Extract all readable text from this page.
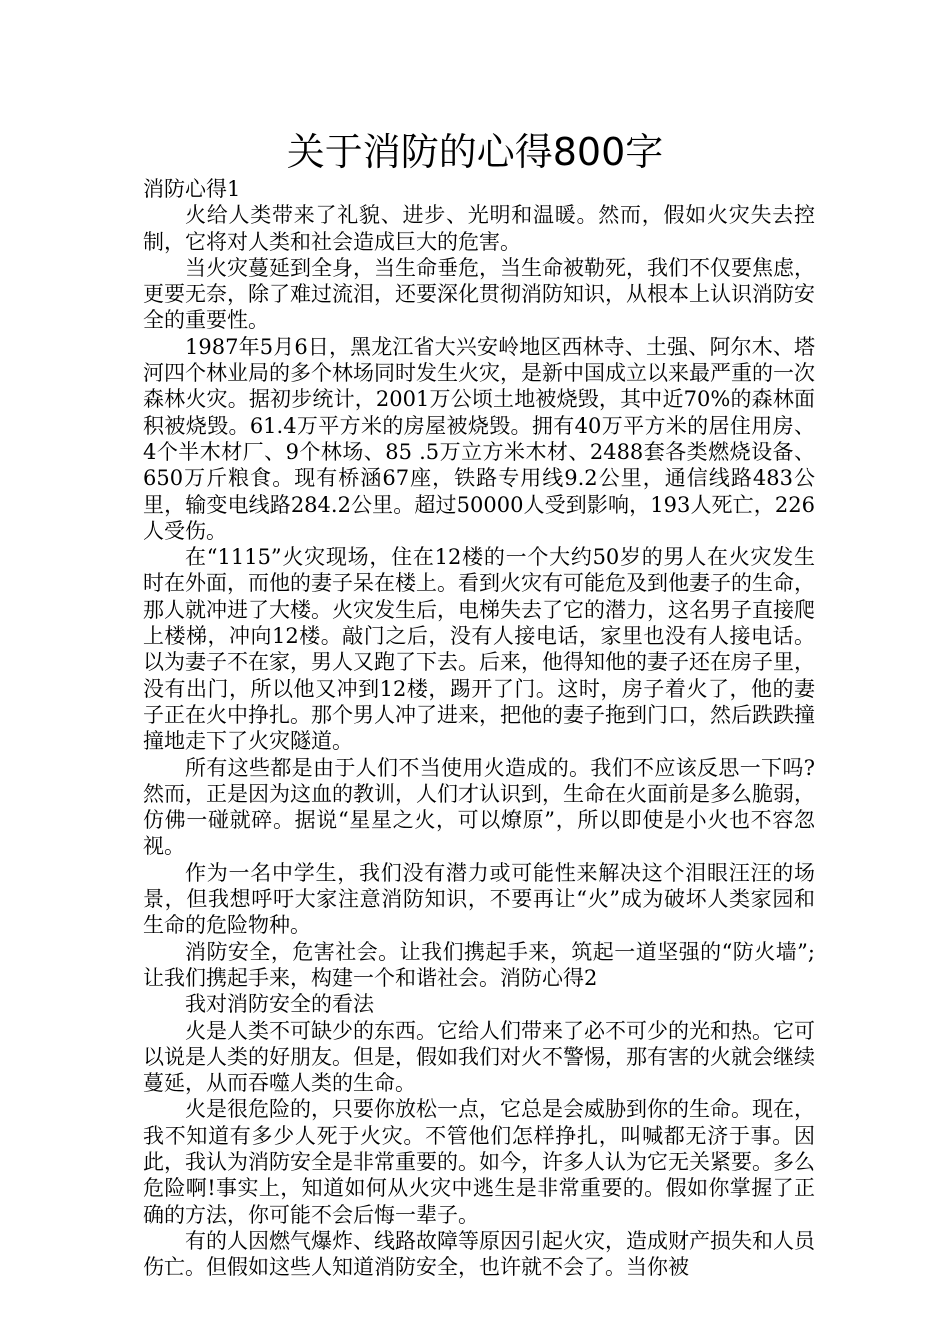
关于消防的心得800字

消防心得1

火给人类带来了礼貌、进步、光明和温暖。然而，假如火灾失去控制，它将对人类和社会造成巨大的危害。

当火灾蔓延到全身，当生命垂危，当生命被勒死，我们不仅要焦虑，更要无奈，除了难过流泪，还要深化贯彻消防知识，从根本上认识消防安全的重要性。

1987年5月6日，黑龙江省大兴安岭地区西林寺、土强、阿尔木、塔河四个林业局的多个林场同时发生火灾，是新中国成立以来最严重的一次森林火灾。据初步统计，2001万公顷土地被烧毁，其中近70%的森林面积被烧毁。61.4万平方米的房屋被烧毁。拥有40万平方米的居住用房、4个半木材厂、9个林场、85 .5万立方米木材、2488套各类燃烧设备、650万斤粮食。现有桥涵67座，铁路专用线9.2公里，通信线路483公里，输变电线路284.2公里。超过50000人受到影响，193人死亡，226人受伤。

在“1115”火灾现场，住在12楼的一个大约50岁的男人在火灾发生时在外面，而他的妻子呆在楼上。看到火灾有可能危及到他妻子的生命，那人就冲进了大楼。火灾发生后，电梯失去了它的潜力，这名男子直接爬上楼梯，冲向12楼。敲门之后，没有人接电话，家里也没有人接电话。以为妻子不在家，男人又跑了下去。后来，他得知他的妻子还在房子里，没有出门，所以他又冲到12楼，踢开了门。这时，房子着火了，他的妻子正在火中挣扎。那个男人冲了进来，把他的妻子拖到门口，然后跌跌撞撞地走下了火灾隧道。

所有这些都是由于人们不当使用火造成的。我们不应该反思一下吗?然而，正是因为这血的教训，人们才认识到，生命在火面前是多么脆弱，仿佛一碰就碎。据说“星星之火，可以燎原”，所以即使是小火也不容忽视。

作为一名中学生，我们没有潜力或可能性来解决这个泪眼汪汪的场景，但我想呼吁大家注意消防知识，不要再让“火”成为破坏人类家园和生命的危险物种。

消防安全，危害社会。让我们携起手来，筑起一道坚强的“防火墙”;让我们携起手来，构建一个和谐社会。消防心得2

我对消防安全的看法

火是人类不可缺少的东西。它给人们带来了必不可少的光和热。它可以说是人类的好朋友。但是，假如我们对火不警惕，那有害的火就会继续蔓延，从而吞噬人类的生命。

火是很危险的，只要你放松一点，它总是会威胁到你的生命。现在，我不知道有多少人死于火灾。不管他们怎样挣扎，叫喊都无济于事。因此，我认为消防安全是非常重要的。如今，许多人认为它无关紧要。多么危险啊!事实上，知道如何从火灾中逃生是非常重要的。假如你掌握了正确的方法，你可能不会后悔一辈子。

有的人因燃气爆炸、线路故障等原因引起火灾，造成财产损失和人员伤亡。但假如这些人知道消防安全，也许就不会了。当你被
